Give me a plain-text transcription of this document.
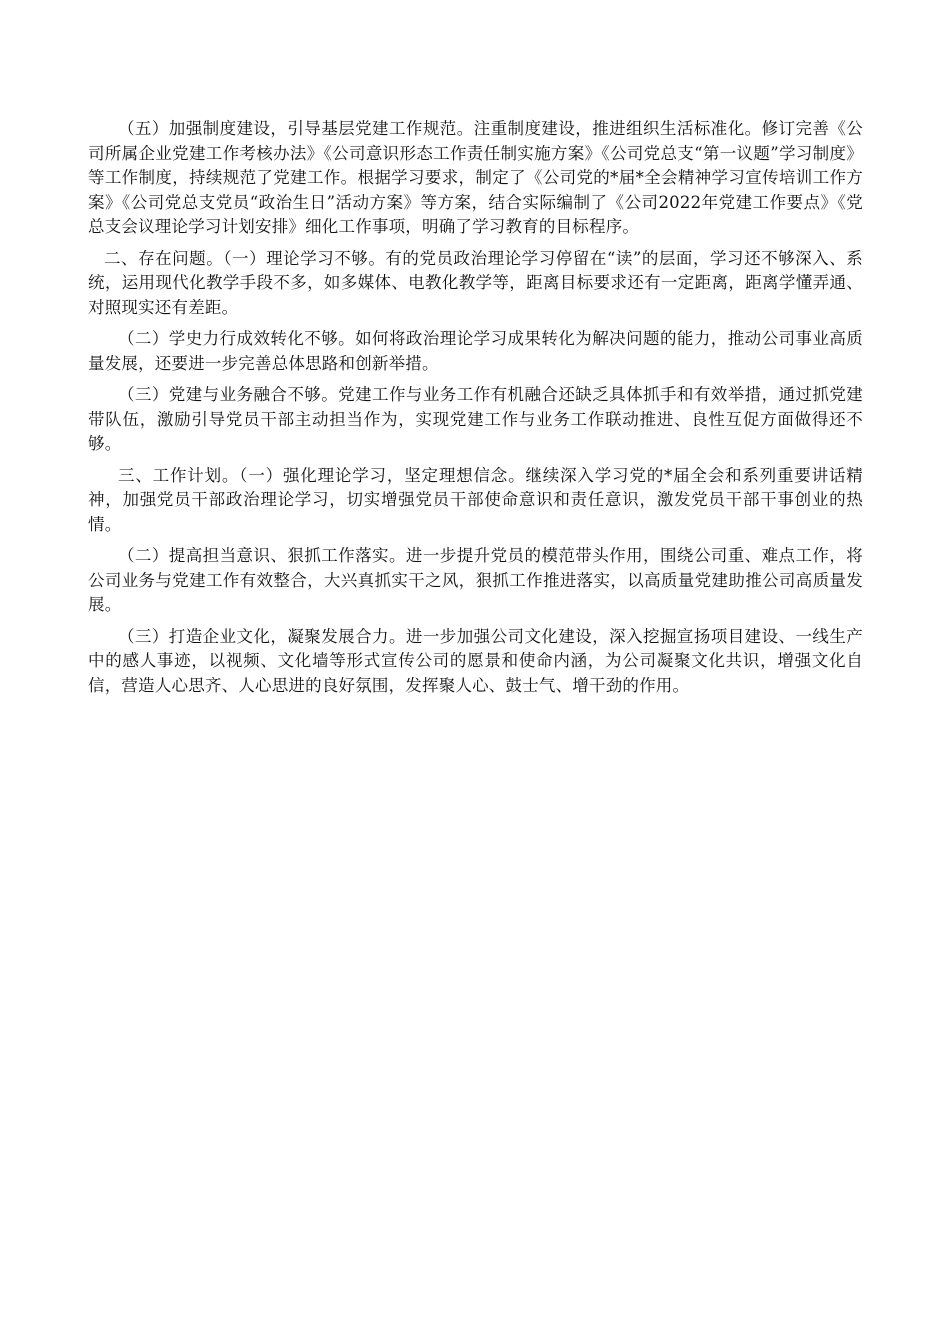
（五）加强制度建设，引导基层党建工作规范。注重制度建设，推进组织生活标准化。修订完善《公司所属企业党建工作考核办法》《公司意识形态工作责任制实施方案》《公司党总支“第一议题”学习制度》等工作制度，持续规范了党建工作。根据学习要求，制定了《公司党的*届*全会精神学习宣传培训工作方案》《公司党总支党员“政治生日”活动方案》等方案，结合实际编制了《公司2022年党建工作要点》《党总支会议理论学习计划安排》细化工作事项，明确了学习教育的目标程序。

二、存在问题。（一）理论学习不够。有的党员政治理论学习停留在“读”的层面，学习还不够深入、系统，运用现代化教学手段不多，如多媒体、电教化教学等，距离目标要求还有一定距离，距离学懂弄通、对照现实还有差距。

（二）学史力行成效转化不够。如何将政治理论学习成果转化为解决问题的能力，推动公司事业高质量发展，还要进一步完善总体思路和创新举措。

（三）党建与业务融合不够。党建工作与业务工作有机融合还缺乏具体抓手和有效举措，通过抓党建带队伍，激励引导党员干部主动担当作为，实现党建工作与业务工作联动推进、良性互促方面做得还不够。

三、工作计划。（一）强化理论学习，坚定理想信念。继续深入学习党的*届全会和系列重要讲话精神，加强党员干部政治理论学习，切实增强党员干部使命意识和责任意识，激发党员干部干事创业的热情。

（二）提高担当意识、狠抓工作落实。进一步提升党员的模范带头作用，围绕公司重、难点工作，将公司业务与党建工作有效整合，大兴真抓实干之风，狠抓工作推进落实，以高质量党建助推公司高质量发展。

（三）打造企业文化，凝聚发展合力。进一步加强公司文化建设，深入挖掘宣扬项目建设、一线生产中的感人事迹，以视频、文化墙等形式宣传公司的愿景和使命内涵，为公司凝聚文化共识，增强文化自信，营造人心思齐、人心思进的良好氛围，发挥聚人心、鼓士气、增干劲的作用。
